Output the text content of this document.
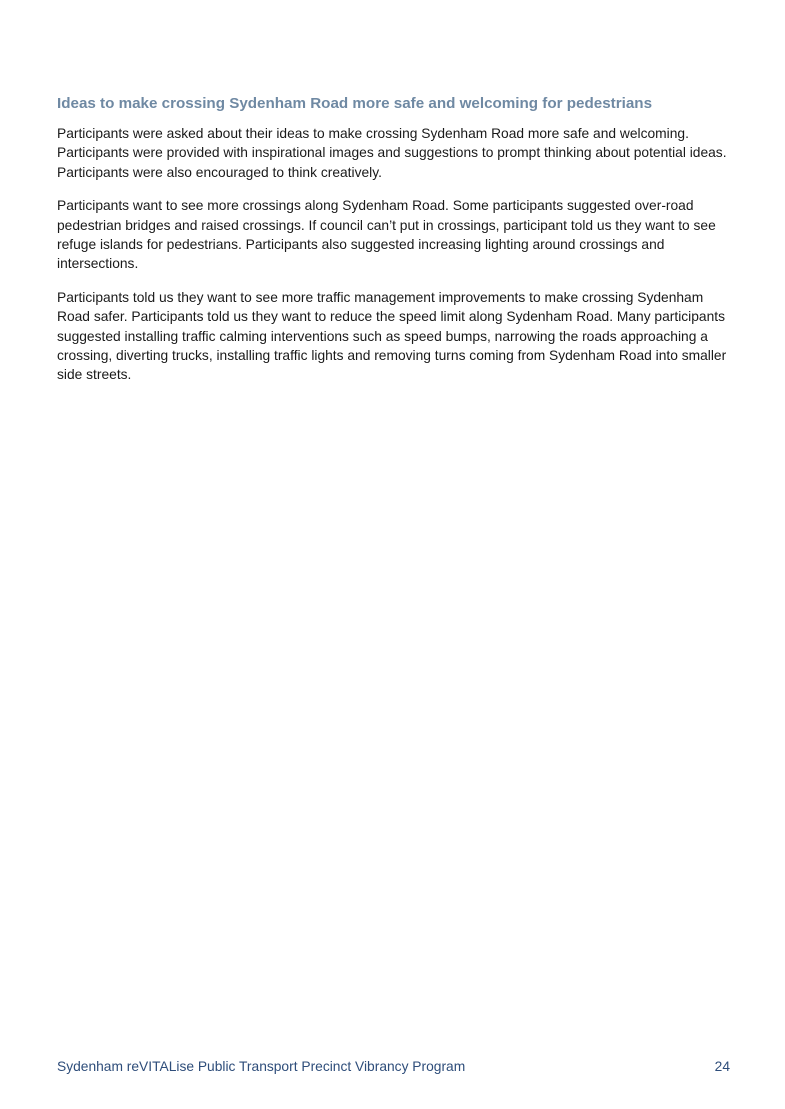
Ideas to make crossing Sydenham Road more safe and welcoming for pedestrians

Participants were asked about their ideas to make crossing Sydenham Road more safe and welcoming. Participants were provided with inspirational images and suggestions to prompt thinking about potential ideas. Participants were also encouraged to think creatively.

Participants want to see more crossings along Sydenham Road. Some participants suggested over-road pedestrian bridges and raised crossings. If council can’t put in crossings, participant told us they want to see refuge islands for pedestrians. Participants also suggested increasing lighting around crossings and intersections.

Participants told us they want to see more traffic management improvements to make crossing Sydenham Road safer. Participants told us they want to reduce the speed limit along Sydenham Road. Many participants suggested installing traffic calming interventions such as speed bumps, narrowing the roads approaching a crossing, diverting trucks, installing traffic lights and removing turns coming from Sydenham Road into smaller side streets.

Sydenham reVITALise Public Transport Precinct Vibrancy Program	24
